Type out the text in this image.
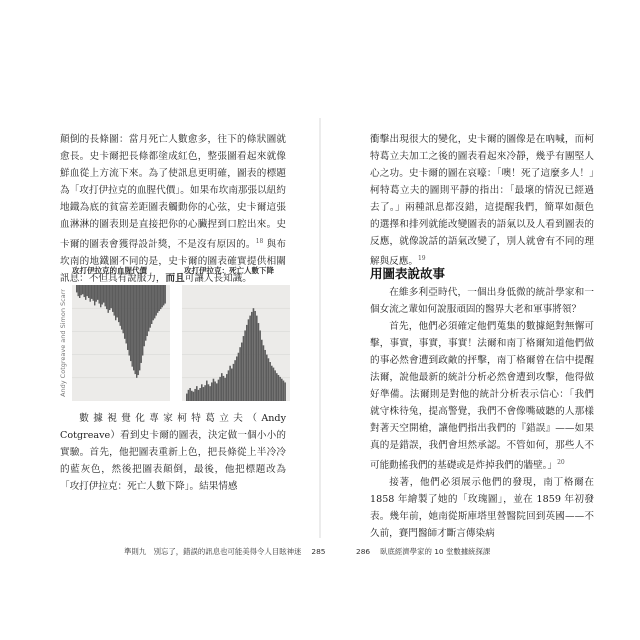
顛倒的長條圖：當月死亡人數愈多，往下的條狀圖就愈長。史卡爾把長條都塗成紅色，整張圖看起來就像鮮血從上方流下來。為了使訊息更明確，圖表的標題為「攻打伊拉克的血腥代價」。如果布坎南那張以紐約地鐵為底的貧富差距圖表觸動你的心弦，史卡爾這張血淋淋的圖表則是直接把你的心臟捏到口腔出來。史卡爾的圖表會獲得設計獎，不是沒有原因的。$^{18}$ 與布坎南的地鐵圖不同的是，史卡爾的圖表確實提供相關訊息：不但具有說服力，而且可讓人長知識。

攻打伊拉克的血腥代價	攻打伊拉克：死亡人數下降
Andy Cotgreave and Simon Scarr

數據視覺化專家柯特葛立夫（Andy Cotgreave）看到史卡爾的圖表，決定做一個小小的實驗。首先，他把圖表重新上色，把長條從上半冷冷的藍灰色，然後把圖表顛倒，最後，他把標題改為「攻打伊拉克：死亡人數下降」。結果情感

準則九　別忘了，錯誤的訊息也可能美得令人目眩神迷 285

衝擊出現很大的變化，史卡爾的圖像是在吶喊，而柯特葛立夫加工之後的圖表看起來冷靜，幾乎有團堅人心之功。史卡爾的圖在哀嚎：「噢！死了這麼多人！」柯特葛立夫的圖則平靜的指出：「最壞的情況已經過去了。」兩種訊息都沒錯，這提醒我們，簡單如顏色的選擇和排列就能改變圖表的語氣以及人看到圖表的反應，就像說話的語氣改變了，別人就會有不同的理解與反應。$^{19}$

用圖表說故事

在維多利亞時代，一個出身低微的統計學家和一個女流之輩如何說服頑固的醫界大老和軍事將領？

首先，他們必須確定他們蒐集的數據絕對無懈可擊，事實，事實，事實！法爾和南丁格爾知道他們做的事必然會遭到政敵的抨擊，南丁格爾曾在信中提醒法爾，說他最新的統計分析必然會遭到攻擊，他得做好準備。法爾則是對他的統計分析表示信心：「我們就守株待兔，提高警覺，我們不會像嘴破聽的人那樣對著天空開槍，讓他們指出我們的『錯誤』——如果真的是錯誤，我們會坦然承認。不管如何，那些人不可能動搖我們的基礎或是炸掉我們的牆壁。」$^{20}$

接著，他們必須展示他們的發現，南丁格爾在 1858 年繪製了她的「玫瑰圖」，並在 1859 年初發表。幾年前，她南從斯庫塔里營醫院回到英國——不久前，賽門醫師才斷言傳染病

286 臥底經濟學家的 10 堂數據統探課
